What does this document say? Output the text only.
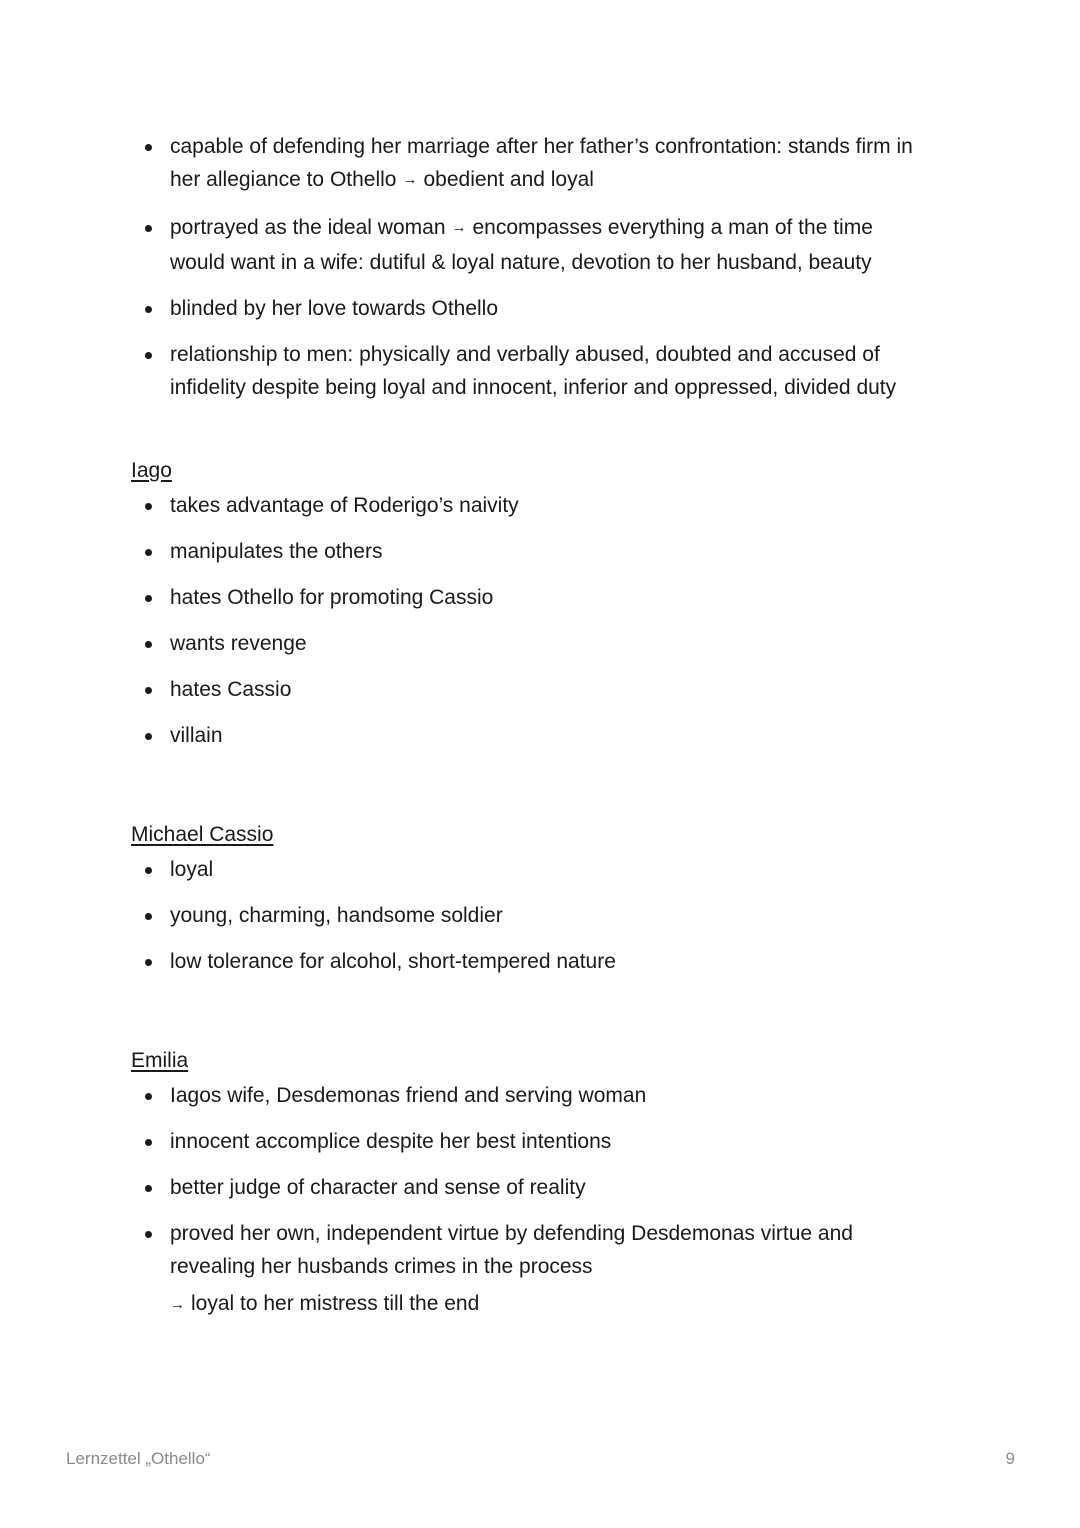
capable of defending her marriage after her father’s confrontation: stands firm in
her allegiance to Othello → obedient and loyal
portrayed as the ideal woman → encompasses everything a man of the time
would want in a wife: dutiful & loyal nature, devotion to her husband, beauty
blinded by her love towards Othello
relationship to men: physically and verbally abused, doubted and accused of
infidelity despite being loyal and innocent, inferior and oppressed, divided duty
Iago
takes advantage of Roderigo’s naivity
manipulates the others
hates Othello for promoting Cassio
wants revenge
hates Cassio
villain
Michael Cassio
loyal
young, charming, handsome soldier
low tolerance for alcohol, short-tempered nature
Emilia
Iagos wife, Desdemonas friend and serving woman
innocent accomplice despite her best intentions
better judge of character and sense of reality
proved her own, independent virtue by defending Desdemonas virtue and
revealing her husbands crimes in the process
→ loyal to her mistress till the end
Lernzettel „Othello“	9
